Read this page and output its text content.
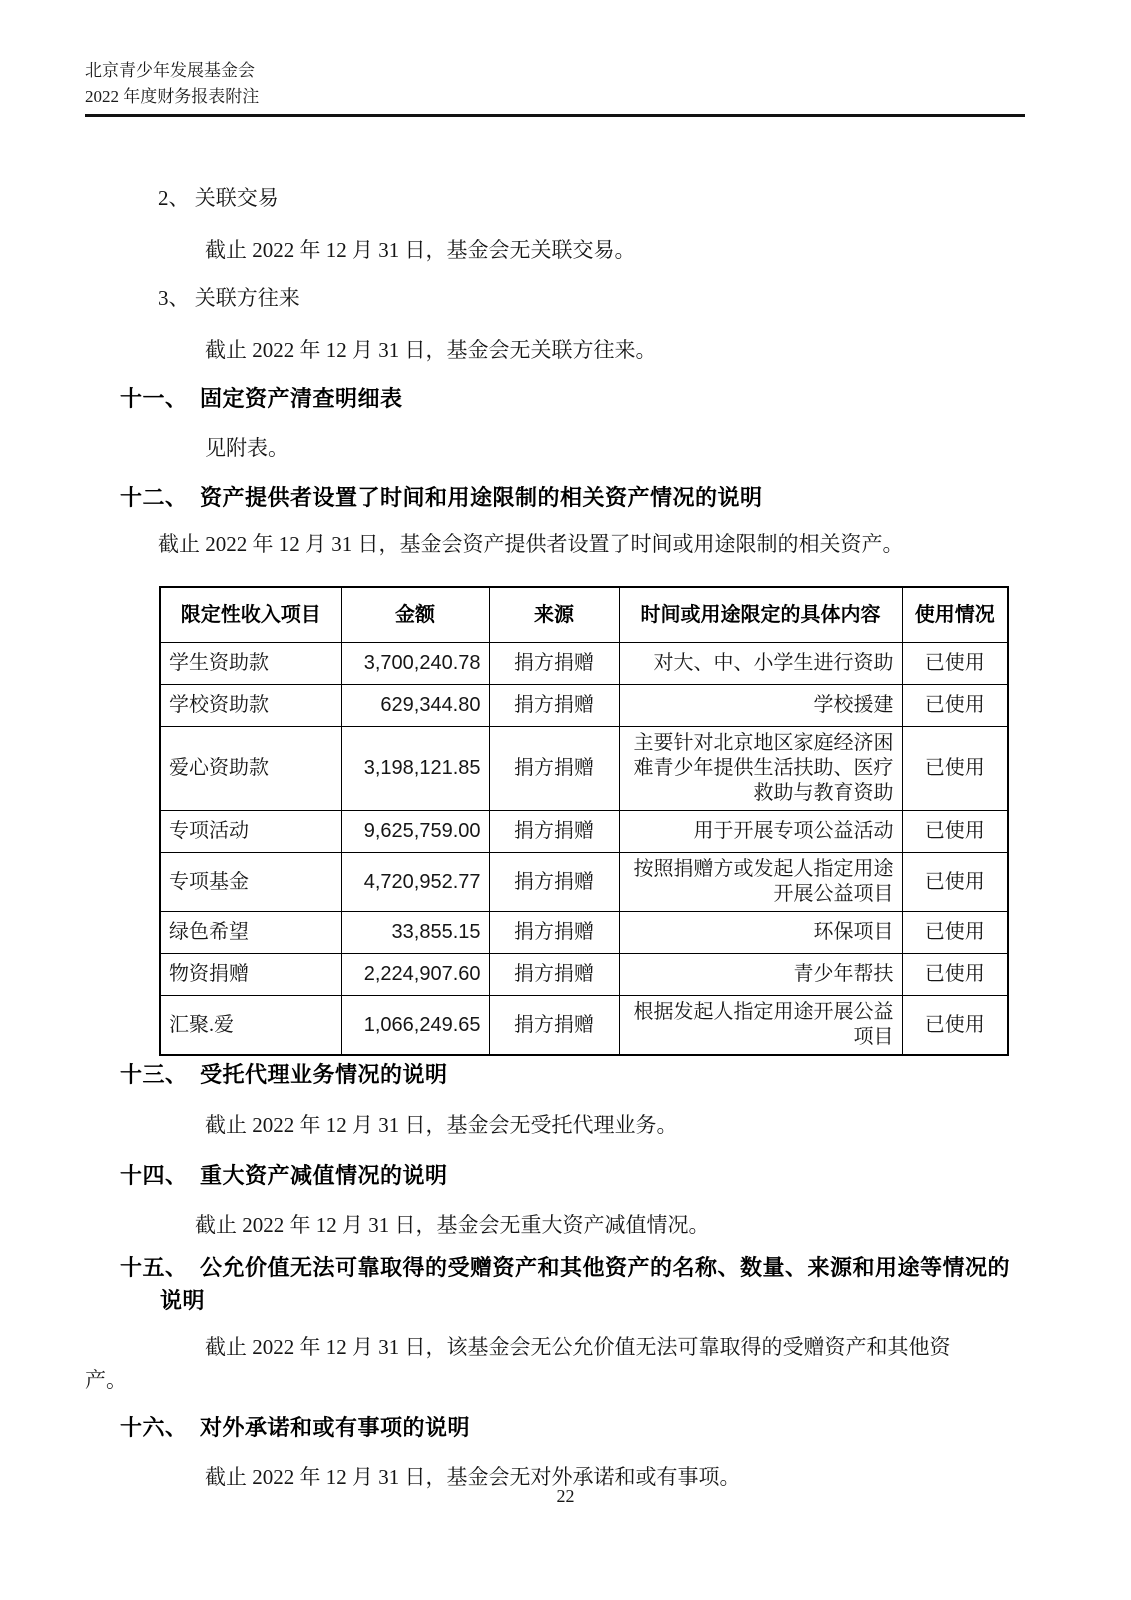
北京青少年发展基金会
2022 年度财务报表附注
2、 关联交易
截止 2022 年 12 月 31 日，基金会无关联交易。
3、 关联方往来
截止 2022 年 12 月 31 日，基金会无关联方往来。
十一、 固定资产清查明细表
见附表。
十二、 资产提供者设置了时间和用途限制的相关资产情况的说明
截止 2022 年 12 月 31 日，基金会资产提供者设置了时间或用途限制的相关资产。
限定性收入项目	金额	来源	时间或用途限定的具体内容	使用情况
学生资助款	3,700,240.78	捐方捐赠	对大、中、小学生进行资助	已使用
学校资助款	629,344.80	捐方捐赠	学校援建	已使用
爱心资助款	3,198,121.85	捐方捐赠	主要针对北京地区家庭经济困难青少年提供生活扶助、医疗救助与教育资助	已使用
专项活动	9,625,759.00	捐方捐赠	用于开展专项公益活动	已使用
专项基金	4,720,952.77	捐方捐赠	按照捐赠方或发起人指定用途开展公益项目	已使用
绿色希望	33,855.15	捐方捐赠	环保项目	已使用
物资捐赠	2,224,907.60	捐方捐赠	青少年帮扶	已使用
汇聚.爱	1,066,249.65	捐方捐赠	根据发起人指定用途开展公益项目	已使用
十三、 受托代理业务情况的说明
截止 2022 年 12 月 31 日，基金会无受托代理业务。
十四、 重大资产减值情况的说明
截止 2022 年 12 月 31 日，基金会无重大资产减值情况。
十五、 公允价值无法可靠取得的受赠资产和其他资产的名称、数量、来源和用途等情况的
说明
截止 2022 年 12 月 31 日，该基金会无公允价值无法可靠取得的受赠资产和其他资
产。
十六、 对外承诺和或有事项的说明
截止 2022 年 12 月 31 日，基金会无对外承诺和或有事项。
22
